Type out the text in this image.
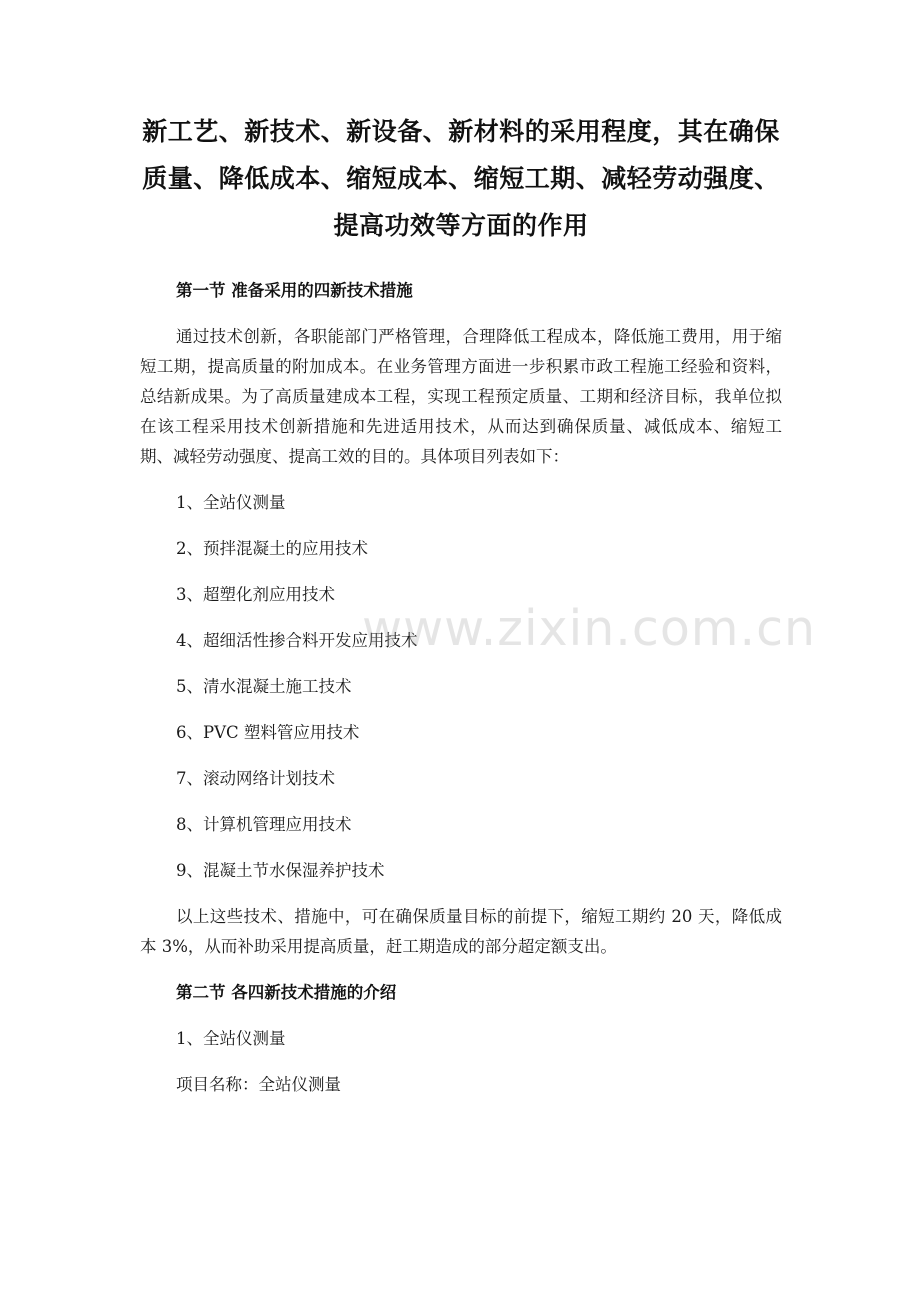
新工艺、新技术、新设备、新材料的采用程度，其在确保质量、降低成本、缩短成本、缩短工期、减轻劳动强度、提高功效等方面的作用

第一节 准备采用的四新技术措施

通过技术创新，各职能部门严格管理，合理降低工程成本，降低施工费用，用于缩短工期，提高质量的附加成本。在业务管理方面进一步积累市政工程施工经验和资料，总结新成果。为了高质量建成本工程，实现工程预定质量、工期和经济目标，我单位拟在该工程采用技术创新措施和先进适用技术，从而达到确保质量、减低成本、缩短工期、减轻劳动强度、提高工效的目的。具体项目列表如下：

1、全站仪测量

2、预拌混凝土的应用技术

3、超塑化剂应用技术

4、超细活性掺合料开发应用技术

5、清水混凝土施工技术

6、PVC 塑料管应用技术

7、滚动网络计划技术

8、计算机管理应用技术

9、混凝土节水保湿养护技术

以上这些技术、措施中，可在确保质量目标的前提下，缩短工期约 20 天，降低成本 3%，从而补助采用提高质量，赶工期造成的部分超定额支出。

第二节 各四新技术措施的介绍

1、全站仪测量

项目名称：全站仪测量

www.zixin.com.cn
